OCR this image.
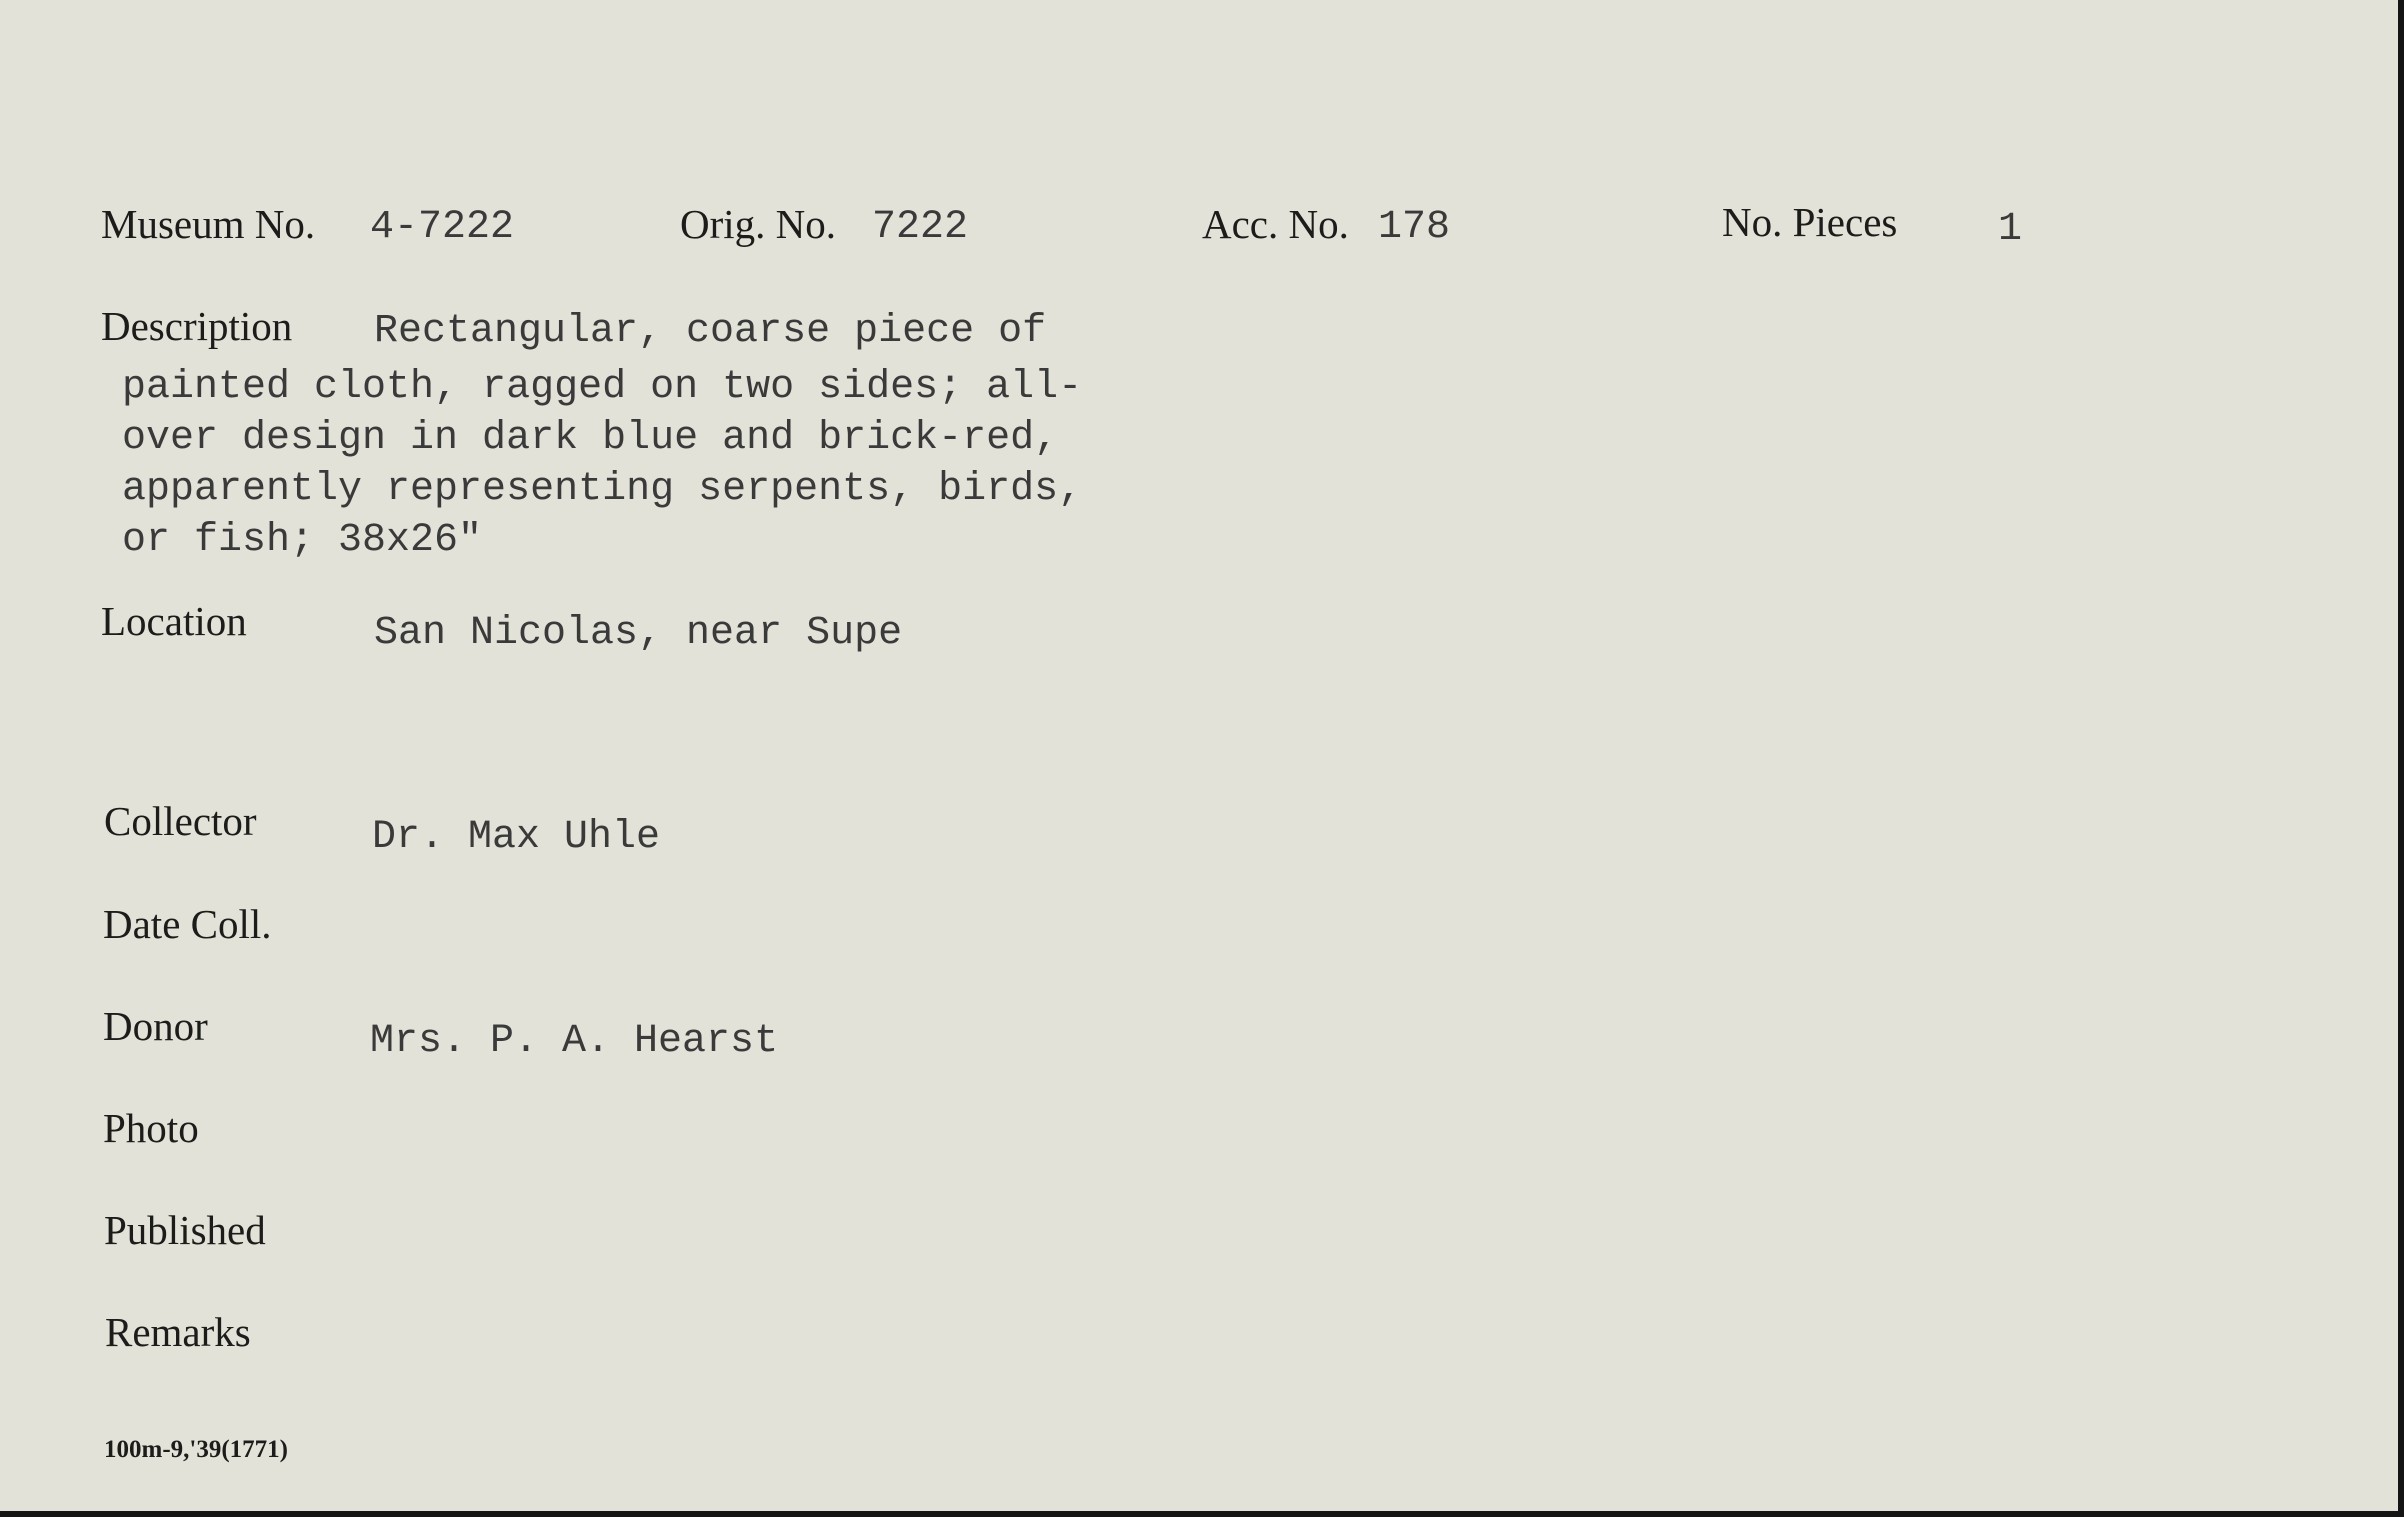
Museum No. 4-7222	Orig. No. 7222	Acc. No. 178	No. Pieces	1
Description Rectangular, coarse piece of
painted cloth, ragged on two sides; all-
over design in dark blue and brick-red,
apparently representing serpents, birds,
or fish; 38x26"
Location	San Nicolas, near Supe
Collector	Dr. Max Uhle
Date Coll.
Donor	Mrs. P. A. Hearst
Photo
Published
Remarks
100m-9,'39(1771)
